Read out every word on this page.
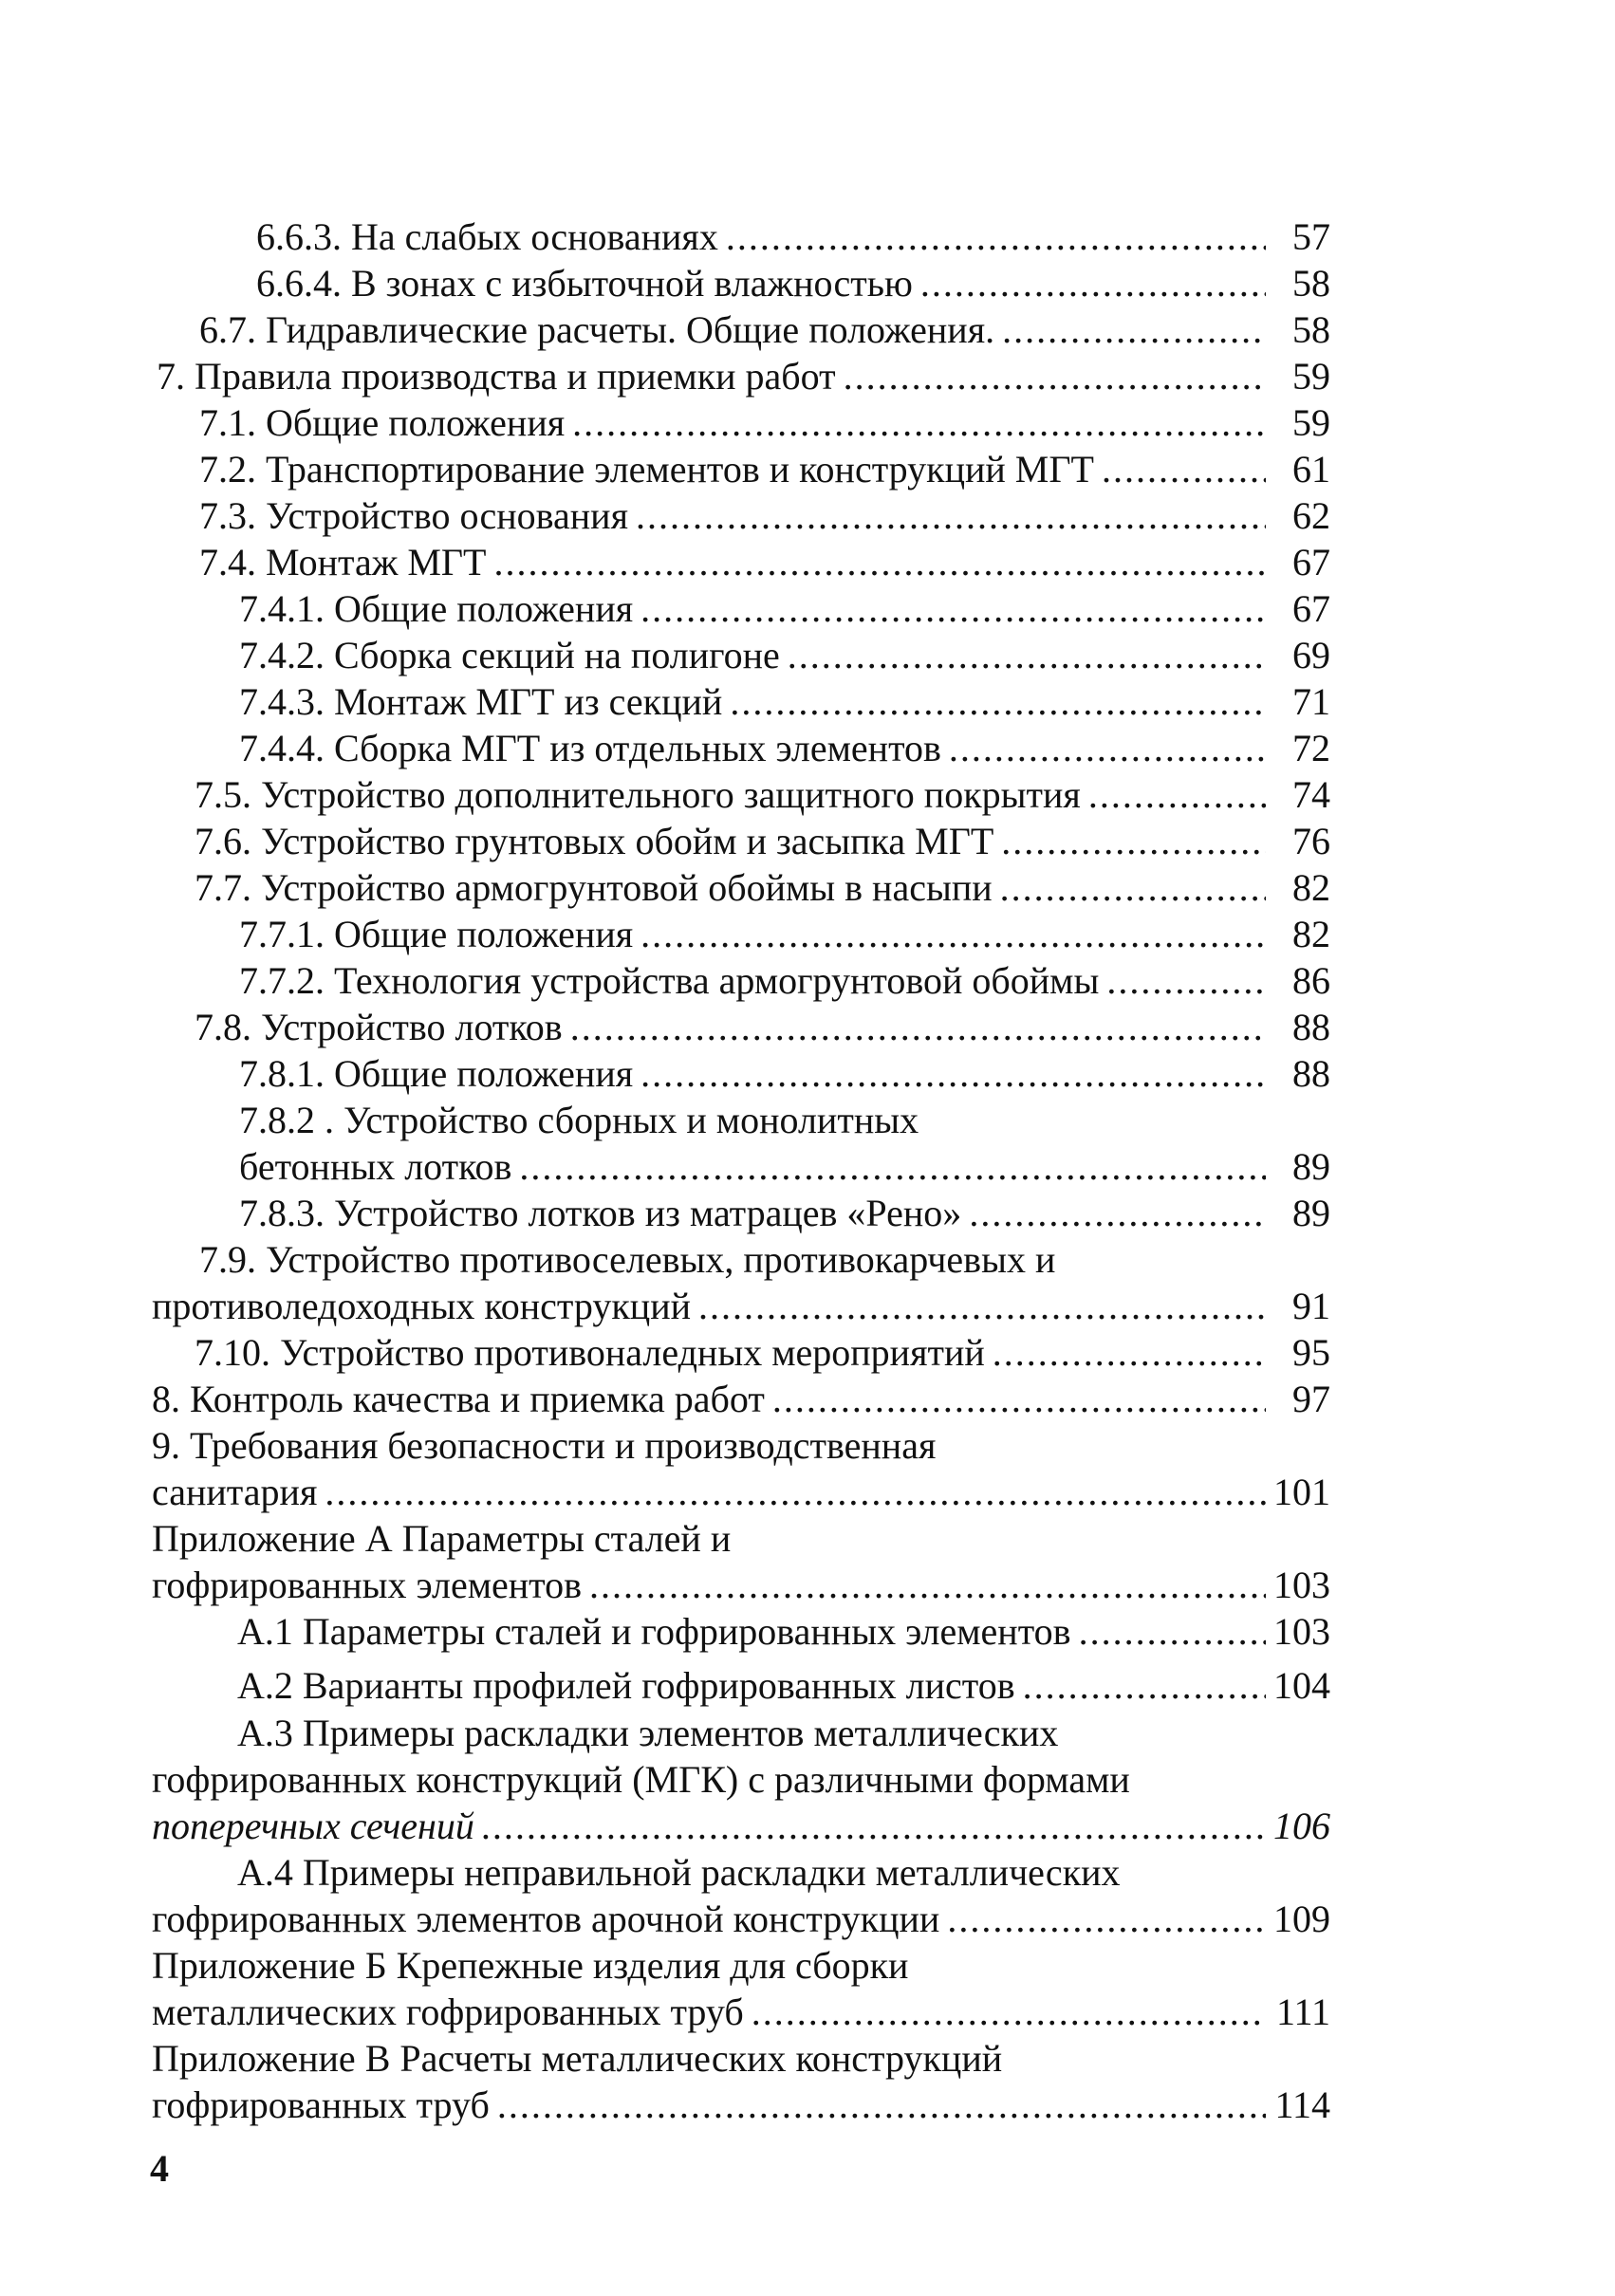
6.6.3. На слабых основаниях . . .	57
6.6.4. В зонах с избыточной влажностью . . .	58
6.7. Гидравлические расчеты. Общие положения. . . .	58
7. Правила производства и приемки работ . . .	59
7.1. Общие положения . . .	59
7.2. Транспортирование элементов и конструкций МГТ . . .	61
7.3. Устройство основания . . .	62
7.4. Монтаж МГТ . . .	67
7.4.1. Общие положения . . .	67
7.4.2. Сборка секций на полигоне . . .	69
7.4.3. Монтаж МГТ из секций . . .	71
7.4.4. Сборка МГТ из отдельных элементов . . .	72
7.5. Устройство дополнительного защитного покрытия . . .	74
7.6. Устройство грунтовых обойм и засыпка МГТ . . .	76
7.7. Устройство армогрунтовой обоймы в насыпи . . .	82
7.7.1. Общие положения . . .	82
7.7.2. Технология устройства армогрунтовой обоймы . . .	86
7.8. Устройство лотков . . .	88
7.8.1. Общие положения . . .	88
7.8.2 . Устройство сборных и монолитных
бетонных лотков . . .	89
7.8.3. Устройство лотков из матрацев «Рено» . . .	89
7.9. Устройство противоселевых, противокарчевых и
противоледоходных конструкций . . .	91
7.10. Устройство противоналедных мероприятий . . .	95
8. Контроль качества и приемка работ . . .	97
9. Требования безопасности и производственная
санитария . . .	101
Приложение А Параметры сталей и
гофрированных элементов . . .	103
А.1 Параметры сталей и гофрированных элементов . . .	103
А.2 Варианты профилей гофрированных листов . . .	104
А.3 Примеры раскладки элементов металлических
гофрированных конструкций (МГК) с различными формами
поперечных сечений . . .	106
А.4 Примеры неправильной раскладки металлических
гофрированных элементов арочной конструкции . . .	109
Приложение Б Крепежные изделия для сборки
металлических гофрированных труб . . .	111
Приложение В Расчеты металлических конструкций
гофрированных труб . . .	114
4
